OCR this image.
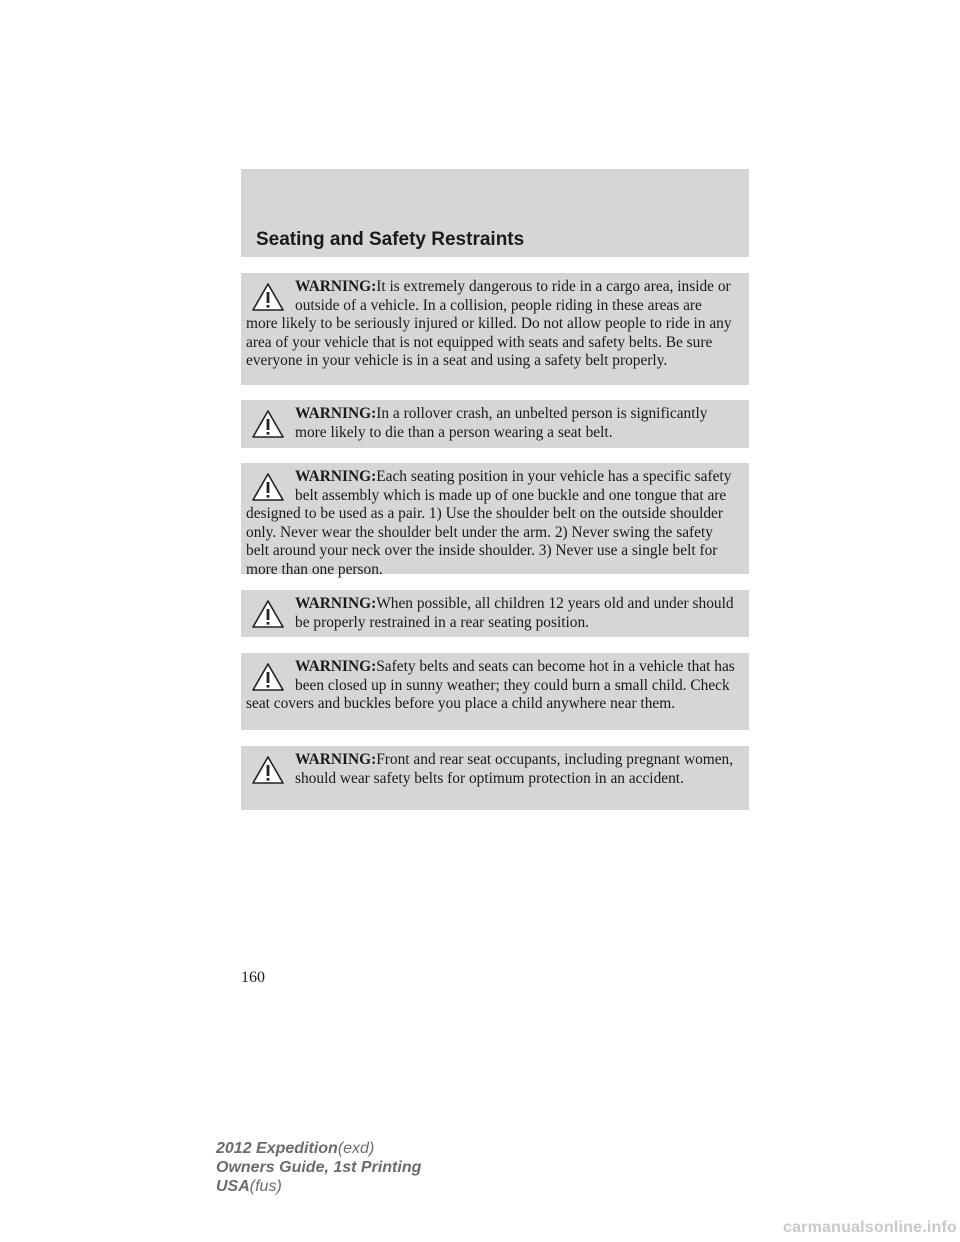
Seating and Safety Restraints
WARNING:It is extremely dangerous to ride in a cargo area, inside or outside of a vehicle. In a collision, people riding in these areas are more likely to be seriously injured or killed. Do not allow people to ride in any area of your vehicle that is not equipped with seats and safety belts. Be sure everyone in your vehicle is in a seat and using a safety belt properly.
WARNING:In a rollover crash, an unbelted person is significantly more likely to die than a person wearing a seat belt.
WARNING:Each seating position in your vehicle has a specific safety belt assembly which is made up of one buckle and one tongue that are designed to be used as a pair. 1) Use the shoulder belt on the outside shoulder only. Never wear the shoulder belt under the arm. 2) Never swing the safety belt around your neck over the inside shoulder. 3) Never use a single belt for more than one person.
WARNING:When possible, all children 12 years old and under should be properly restrained in a rear seating position.
WARNING:Safety belts and seats can become hot in a vehicle that has been closed up in sunny weather; they could burn a small child. Check seat covers and buckles before you place a child anywhere near them.
WARNING:Front and rear seat occupants, including pregnant women, should wear safety belts for optimum protection in an accident.
160
2012 Expedition(exd)
Owners Guide, 1st Printing
USA(fus)
carmanualsonline.info
